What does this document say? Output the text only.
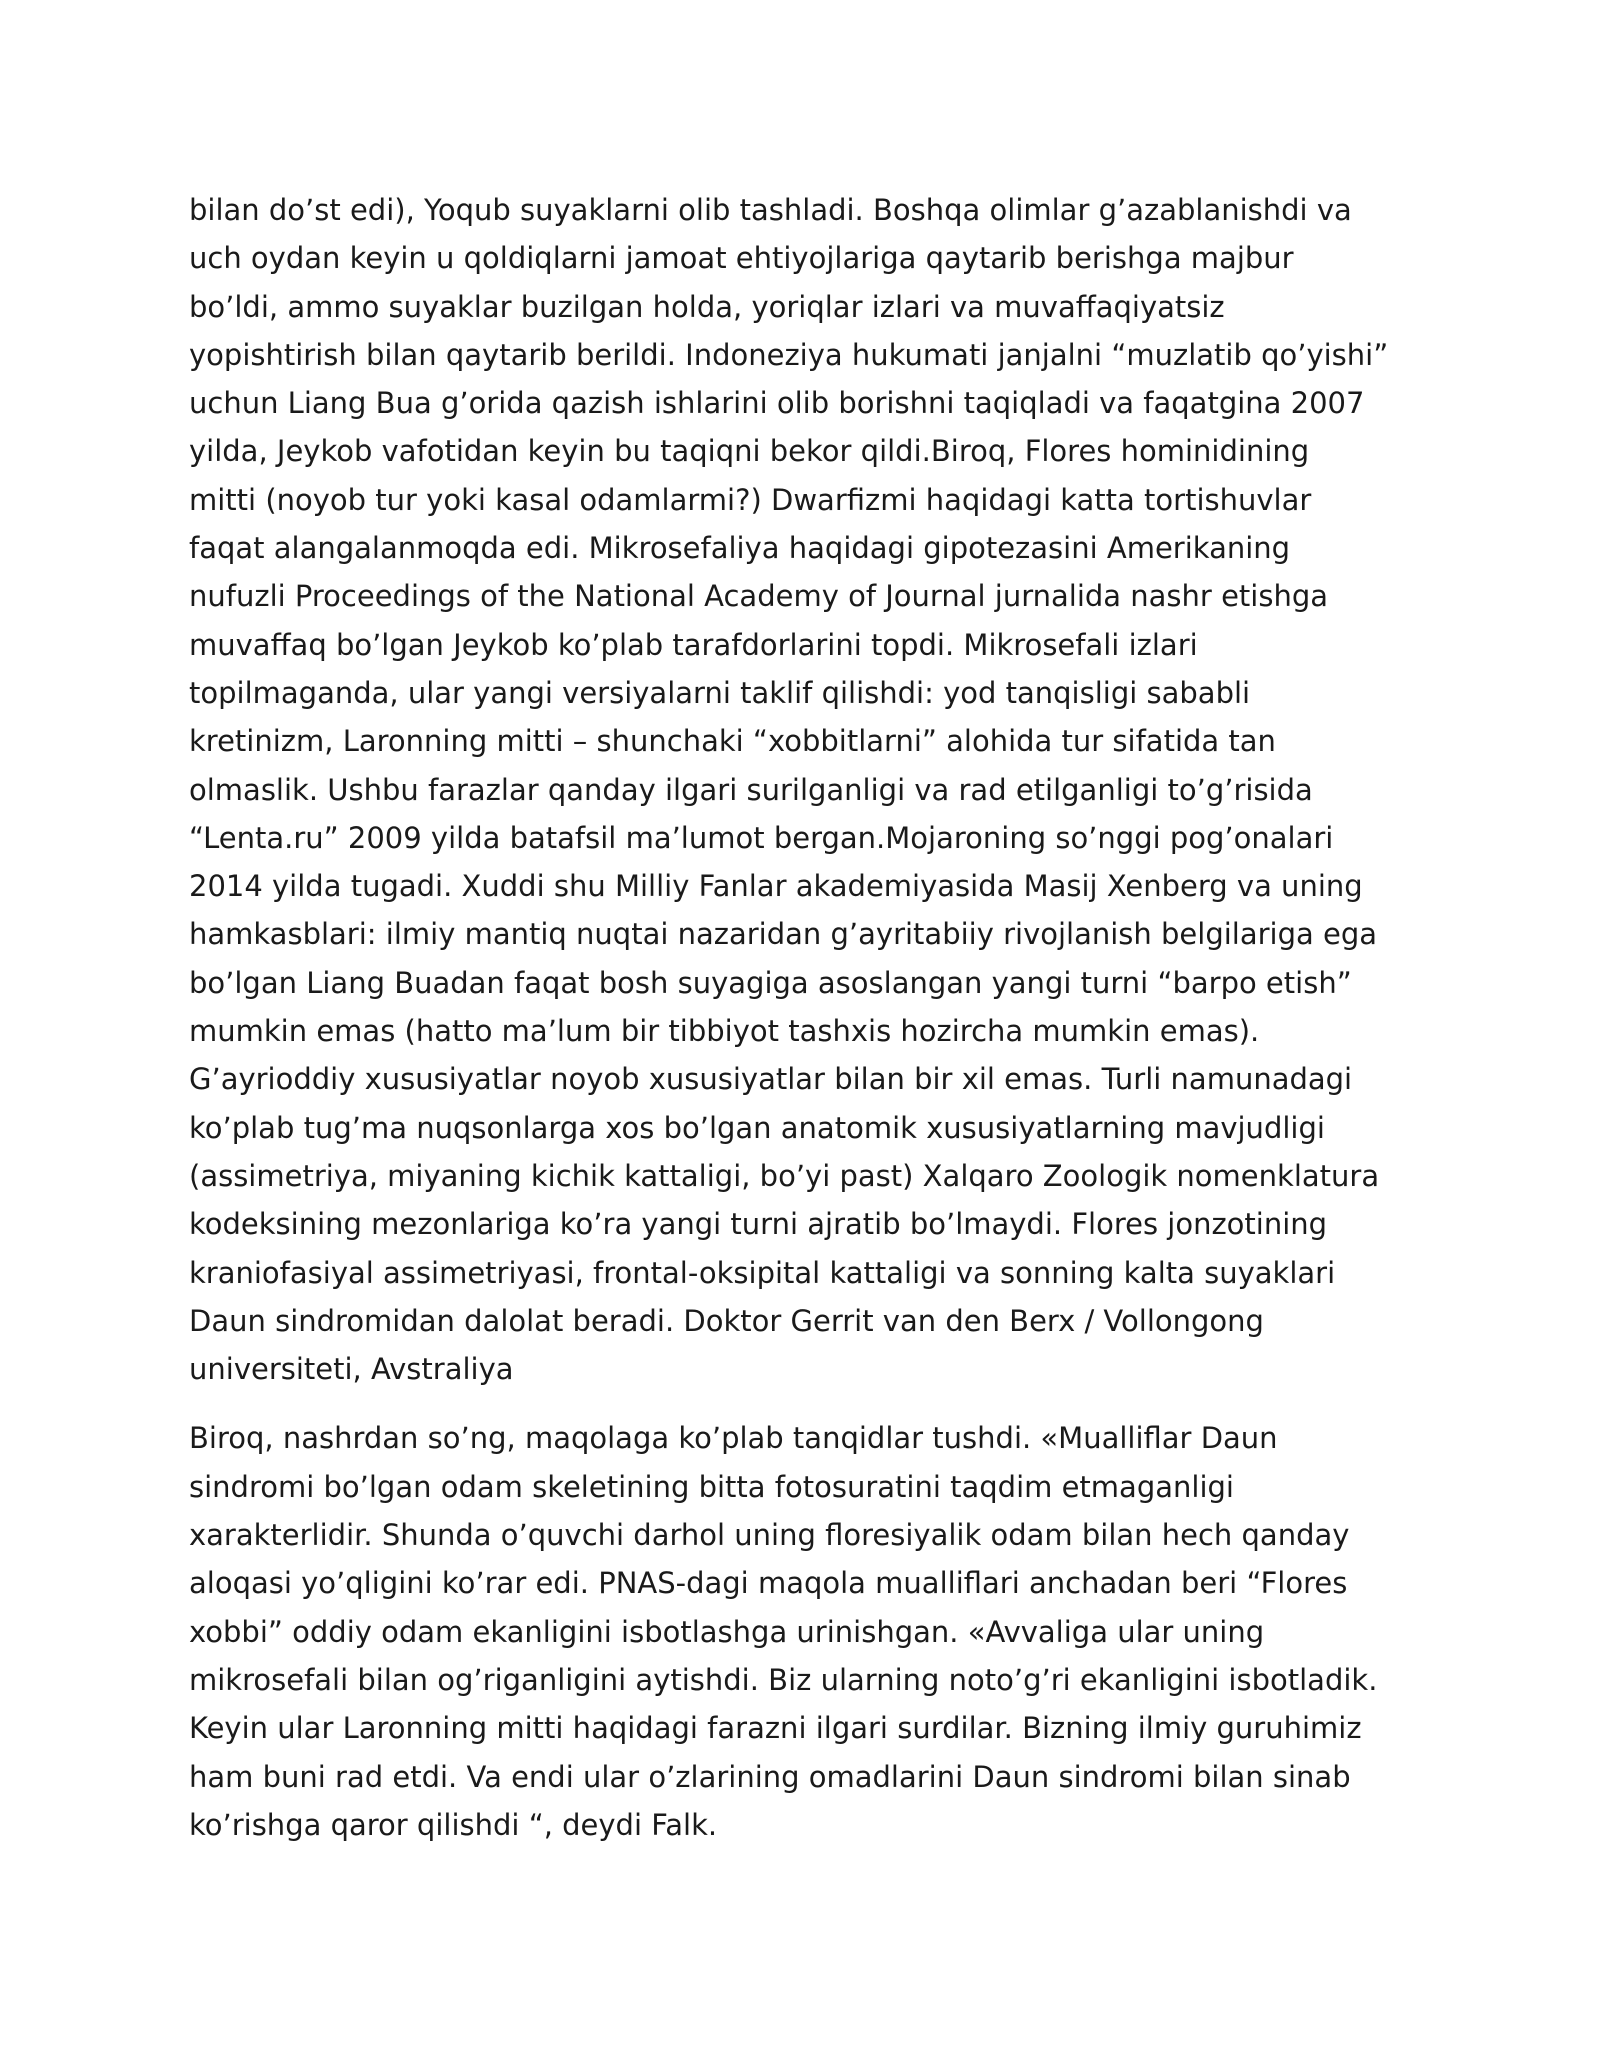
bilan do’st edi), Yoqub suyaklarni olib tashladi. Boshqa olimlar g’azablanishdi va
uch oydan keyin u qoldiqlarni jamoat ehtiyojlariga qaytarib berishga majbur
bo’ldi, ammo suyaklar buzilgan holda, yoriqlar izlari va muvaffaqiyatsiz
yopishtirish bilan qaytarib berildi. Indoneziya hukumati janjalni “muzlatib qo’yishi”
uchun Liang Bua g’orida qazish ishlarini olib borishni taqiqladi va faqatgina 2007
yilda, Jeykob vafotidan keyin bu taqiqni bekor qildi.Biroq, Flores hominidining
mitti (noyob tur yoki kasal odamlarmi?) Dwarfizmi haqidagi katta tortishuvlar
faqat alangalanmoqda edi. Mikrosefaliya haqidagi gipotezasini Amerikaning
nufuzli Proceedings of the National Academy of Journal jurnalida nashr etishga
muvaffaq bo’lgan Jeykob ko’plab tarafdorlarini topdi. Mikrosefali izlari
topilmaganda, ular yangi versiyalarni taklif qilishdi: yod tanqisligi sababli
kretinizm, Laronning mitti – shunchaki “xobbitlarni” alohida tur sifatida tan
olmaslik. Ushbu farazlar qanday ilgari surilganligi va rad etilganligi to’g’risida
“Lenta.ru” 2009 yilda batafsil ma’lumot bergan.Mojaroning so’nggi pog’onalari
2014 yilda tugadi. Xuddi shu Milliy Fanlar akademiyasida Masij Xenberg va uning
hamkasblari: ilmiy mantiq nuqtai nazaridan g’ayritabiiy rivojlanish belgilariga ega
bo’lgan Liang Buadan faqat bosh suyagiga asoslangan yangi turni “barpo etish”
mumkin emas (hatto ma’lum bir tibbiyot tashxis hozircha mumkin emas).
G’ayrioddiy xususiyatlar noyob xususiyatlar bilan bir xil emas. Turli namunadagi
ko’plab tug’ma nuqsonlarga xos bo’lgan anatomik xususiyatlarning mavjudligi
(assimetriya, miyaning kichik kattaligi, bo’yi past) Xalqaro Zoologik nomenklatura
kodeksining mezonlariga ko’ra yangi turni ajratib bo’lmaydi. Flores jonzotining
kraniofasiyal assimetriyasi, frontal-oksipital kattaligi va sonning kalta suyaklari
Daun sindromidan dalolat beradi. Doktor Gerrit van den Berx / Vollongong
universiteti, Avstraliya

Biroq, nashrdan so’ng, maqolaga ko’plab tanqidlar tushdi. «Mualliflar Daun
sindromi bo’lgan odam skeletining bitta fotosuratini taqdim etmaganligi
xarakterlidir. Shunda o’quvchi darhol uning floresiyalik odam bilan hech qanday
aloqasi yo’qligini ko’rar edi. PNAS-dagi maqola mualliflari anchadan beri “Flores
xobbi” oddiy odam ekanligini isbotlashga urinishgan. «Avvaliga ular uning
mikrosefali bilan og’riganligini aytishdi. Biz ularning noto’g’ri ekanligini isbotladik.
Keyin ular Laronning mitti haqidagi farazni ilgari surdilar. Bizning ilmiy guruhimiz
ham buni rad etdi. Va endi ular o’zlarining omadlarini Daun sindromi bilan sinab
ko’rishga qaror qilishdi “, deydi Falk.
